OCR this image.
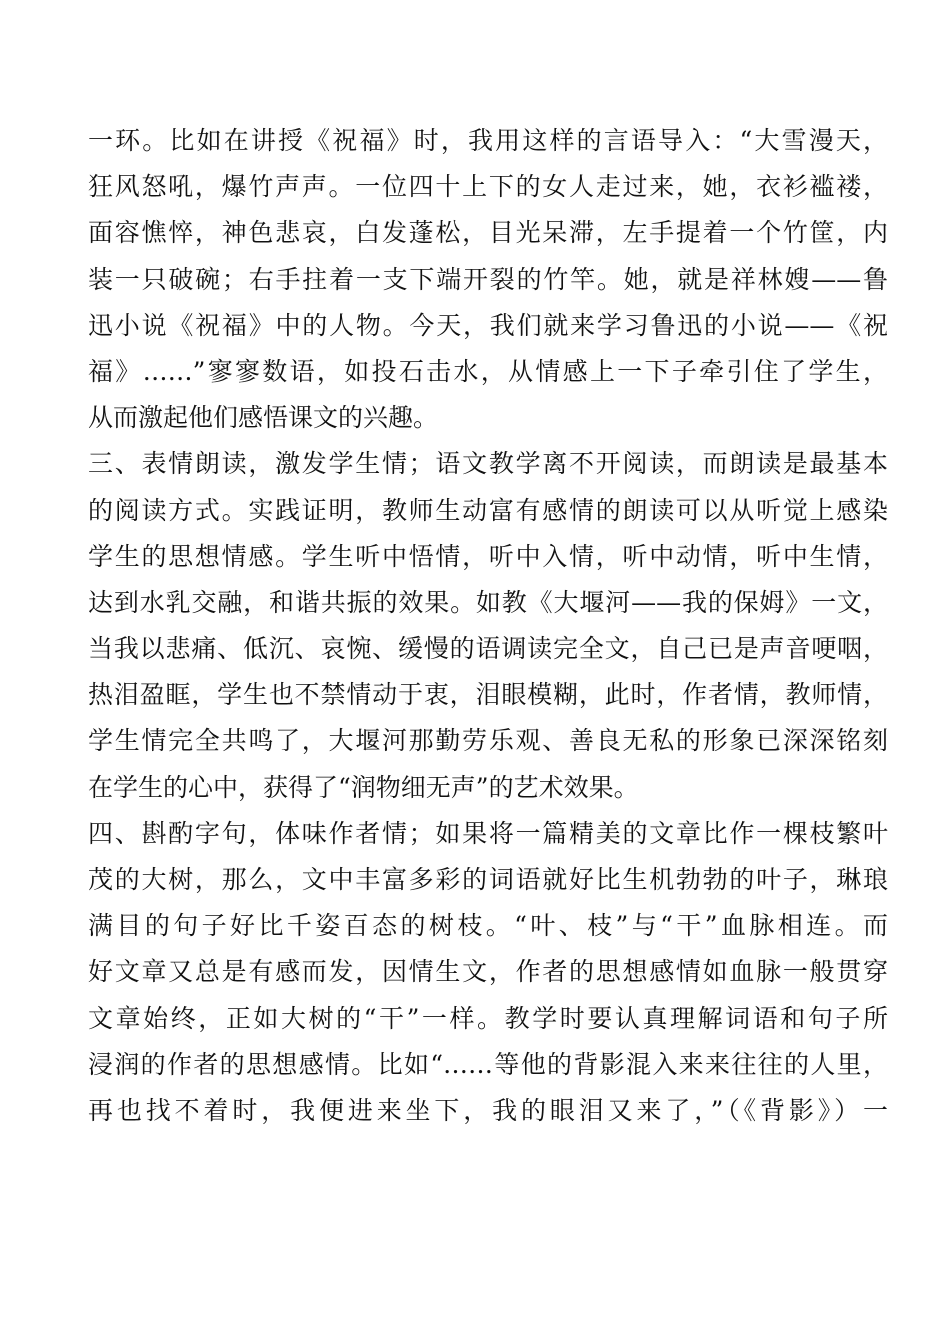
一环。比如在讲授《祝福》时，我用这样的言语导入：“大雪漫天，
狂风怒吼，爆竹声声。一位四十上下的女人走过来，她，衣衫褴褛，
面容憔悴，神色悲哀，白发蓬松，目光呆滞，左手提着一个竹筐，内
装一只破碗；右手拄着一支下端开裂的竹竿。她，就是祥林嫂——鲁
迅小说《祝福》中的人物。今天，我们就来学习鲁迅的小说——《祝
福》……”寥寥数语，如投石击水，从情感上一下子牵引住了学生，
从而激起他们感悟课文的兴趣。
三、表情朗读，激发学生情；语文教学离不开阅读，而朗读是最基本
的阅读方式。实践证明，教师生动富有感情的朗读可以从听觉上感染
学生的思想情感。学生听中悟情，听中入情，听中动情，听中生情，
达到水乳交融，和谐共振的效果。如教《大堰河——我的保姆》一文，
当我以悲痛、低沉、哀惋、缓慢的语调读完全文，自己已是声音哽咽，
热泪盈眶，学生也不禁情动于衷，泪眼模糊，此时，作者情，教师情，
学生情完全共鸣了，大堰河那勤劳乐观、善良无私的形象已深深铭刻
在学生的心中，获得了“润物细无声”的艺术效果。
四、斟酌字句，体味作者情；如果将一篇精美的文章比作一棵枝繁叶
茂的大树，那么，文中丰富多彩的词语就好比生机勃勃的叶子，琳琅
满目的句子好比千姿百态的树枝。“叶、枝”与“干”血脉相连。而
好文章又总是有感而发，因情生文，作者的思想感情如血脉一般贯穿
文章始终，正如大树的“干”一样。教学时要认真理解词语和句子所
浸润的作者的思想感情。比如“……等他的背影混入来来往往的人里，
再也找不着时，我便进来坐下，我的眼泪又来了，”（《背影》）一
